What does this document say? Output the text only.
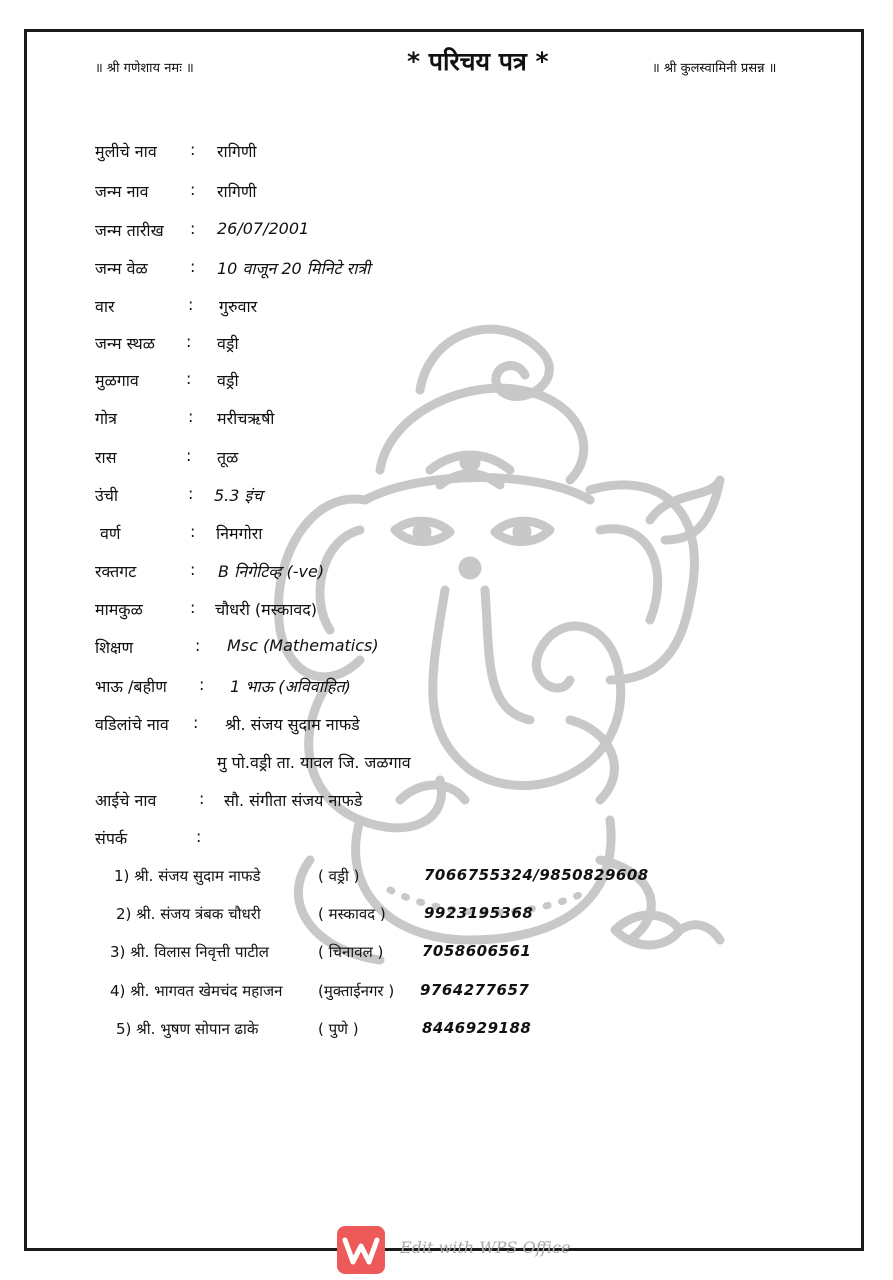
॥ श्री गणेशाय नमः ॥	* परिचय पत्र *	॥ श्री कुलस्वामिनी प्रसन्न ॥
मुलीचे नाव : रागिणी
जन्म नाव	: रागिणी
जन्म तारीख : 26/07/2001
जन्म वेळ	: 10 वाजून 20 मिनिटे रात्री
वार	: गुरुवार
जन्म स्थळ : वड्री
मुळगाव	: वड्री
गोत्र	: मरीचऋषी
रास	: तूळ
उंची	: 5.3 इंच
वर्ण	: निमगोरा
रक्तगट	: B निगेटिव्ह (-ve)
मामकुळ	: चौधरी (मस्कावद)
शिक्षण	: Msc (Mathematics)
भाऊ /बहीण : 1 भाऊ (अविवाहित)
वडिलांचे नाव : श्री. संजय सुदाम नाफडे
मु पो.वड्री ता. यावल जि. जळगाव
आईचे नाव	: सौ. संगीता संजय नाफडे
संपर्क	:
1) श्री. संजय सुदाम नाफडे	( वड्री )	7066755324/9850829608
2) श्री. संजय त्रंबक चौधरी	( मस्कावद )	9923195368
3) श्री. विलास निवृत्ती पाटील	( चिनावल )	7058606561
4) श्री. भागवत खेमचंद महाजन (मुक्ताईनगर ) 9764277657
5) श्री. भुषण सोपान ढाके	( पुणे )	8446929188
Edit with WPS Office
